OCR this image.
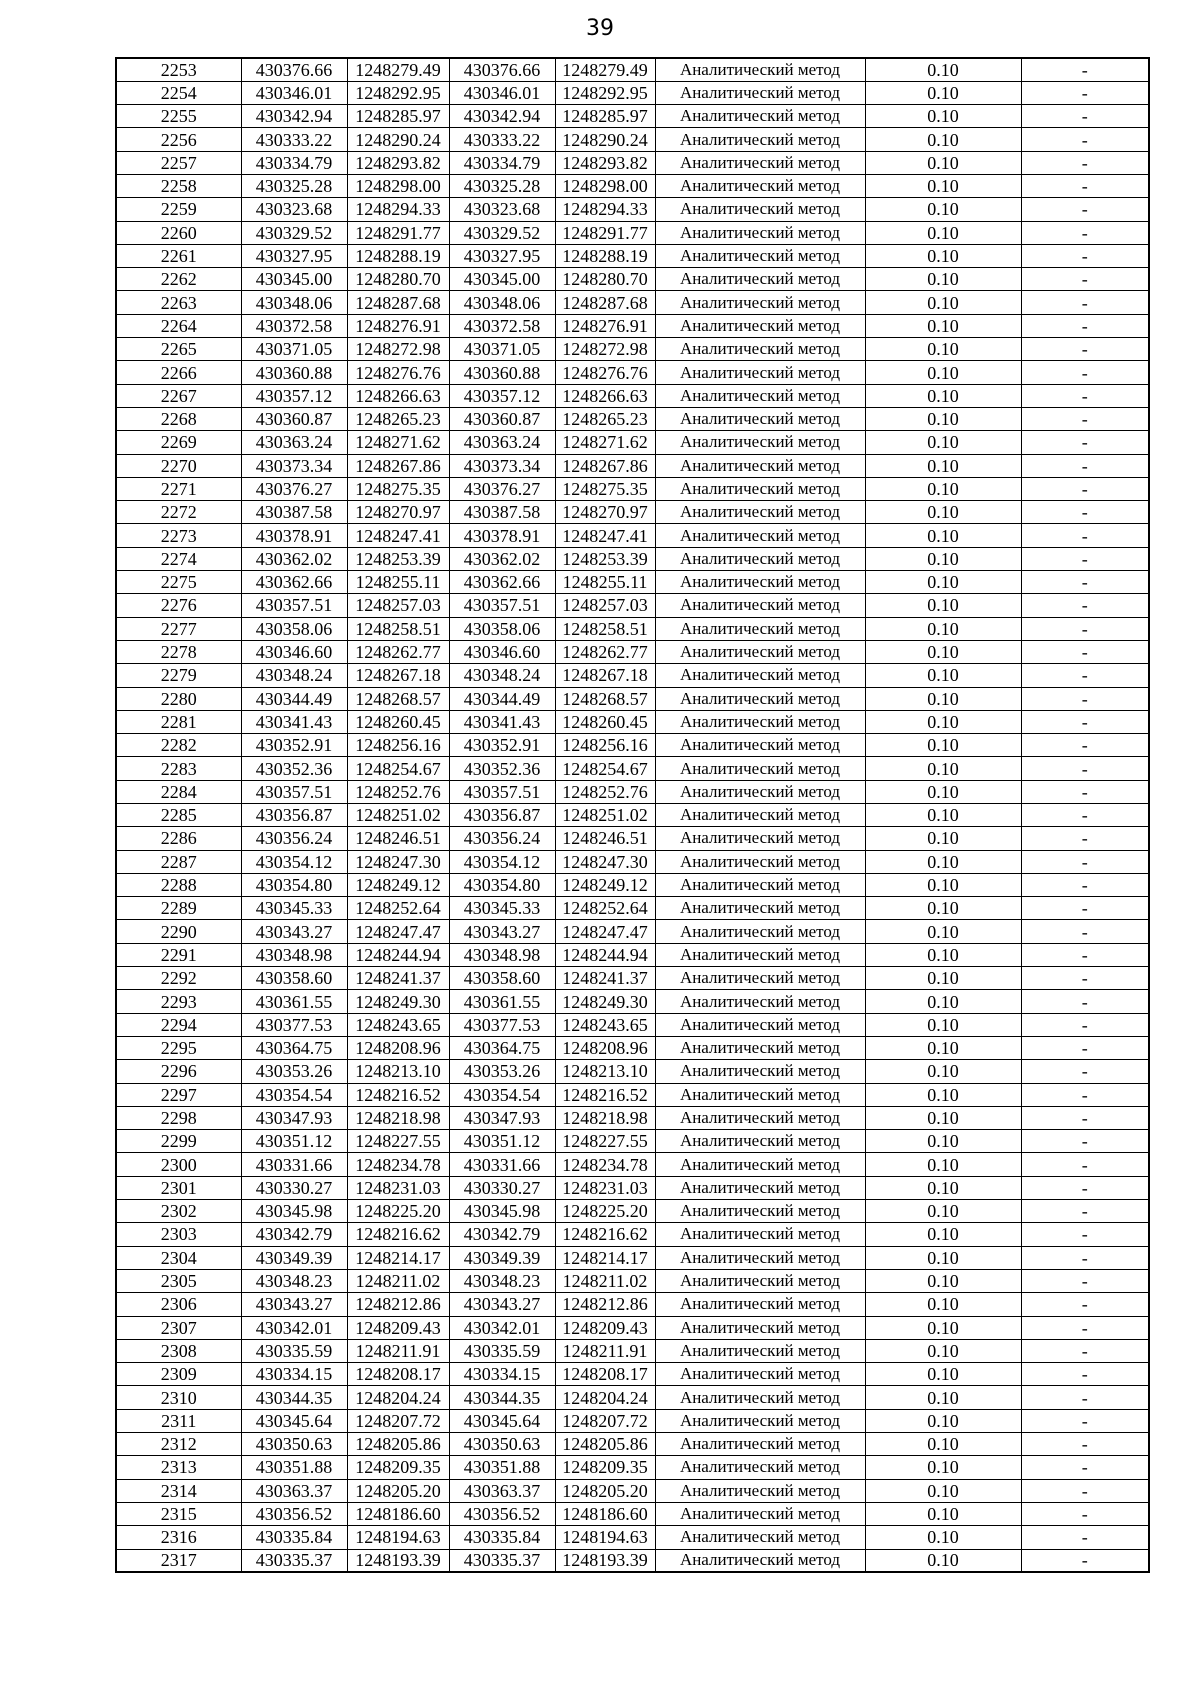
39
2253	430376.66	1248279.49	430376.66	1248279.49	Аналитический метод	0.10	-
2254	430346.01	1248292.95	430346.01	1248292.95	Аналитический метод	0.10	-
2255	430342.94	1248285.97	430342.94	1248285.97	Аналитический метод	0.10	-
2256	430333.22	1248290.24	430333.22	1248290.24	Аналитический метод	0.10	-
2257	430334.79	1248293.82	430334.79	1248293.82	Аналитический метод	0.10	-
2258	430325.28	1248298.00	430325.28	1248298.00	Аналитический метод	0.10	-
2259	430323.68	1248294.33	430323.68	1248294.33	Аналитический метод	0.10	-
2260	430329.52	1248291.77	430329.52	1248291.77	Аналитический метод	0.10	-
2261	430327.95	1248288.19	430327.95	1248288.19	Аналитический метод	0.10	-
2262	430345.00	1248280.70	430345.00	1248280.70	Аналитический метод	0.10	-
2263	430348.06	1248287.68	430348.06	1248287.68	Аналитический метод	0.10	-
2264	430372.58	1248276.91	430372.58	1248276.91	Аналитический метод	0.10	-
2265	430371.05	1248272.98	430371.05	1248272.98	Аналитический метод	0.10	-
2266	430360.88	1248276.76	430360.88	1248276.76	Аналитический метод	0.10	-
2267	430357.12	1248266.63	430357.12	1248266.63	Аналитический метод	0.10	-
2268	430360.87	1248265.23	430360.87	1248265.23	Аналитический метод	0.10	-
2269	430363.24	1248271.62	430363.24	1248271.62	Аналитический метод	0.10	-
2270	430373.34	1248267.86	430373.34	1248267.86	Аналитический метод	0.10	-
2271	430376.27	1248275.35	430376.27	1248275.35	Аналитический метод	0.10	-
2272	430387.58	1248270.97	430387.58	1248270.97	Аналитический метод	0.10	-
2273	430378.91	1248247.41	430378.91	1248247.41	Аналитический метод	0.10	-
2274	430362.02	1248253.39	430362.02	1248253.39	Аналитический метод	0.10	-
2275	430362.66	1248255.11	430362.66	1248255.11	Аналитический метод	0.10	-
2276	430357.51	1248257.03	430357.51	1248257.03	Аналитический метод	0.10	-
2277	430358.06	1248258.51	430358.06	1248258.51	Аналитический метод	0.10	-
2278	430346.60	1248262.77	430346.60	1248262.77	Аналитический метод	0.10	-
2279	430348.24	1248267.18	430348.24	1248267.18	Аналитический метод	0.10	-
2280	430344.49	1248268.57	430344.49	1248268.57	Аналитический метод	0.10	-
2281	430341.43	1248260.45	430341.43	1248260.45	Аналитический метод	0.10	-
2282	430352.91	1248256.16	430352.91	1248256.16	Аналитический метод	0.10	-
2283	430352.36	1248254.67	430352.36	1248254.67	Аналитический метод	0.10	-
2284	430357.51	1248252.76	430357.51	1248252.76	Аналитический метод	0.10	-
2285	430356.87	1248251.02	430356.87	1248251.02	Аналитический метод	0.10	-
2286	430356.24	1248246.51	430356.24	1248246.51	Аналитический метод	0.10	-
2287	430354.12	1248247.30	430354.12	1248247.30	Аналитический метод	0.10	-
2288	430354.80	1248249.12	430354.80	1248249.12	Аналитический метод	0.10	-
2289	430345.33	1248252.64	430345.33	1248252.64	Аналитический метод	0.10	-
2290	430343.27	1248247.47	430343.27	1248247.47	Аналитический метод	0.10	-
2291	430348.98	1248244.94	430348.98	1248244.94	Аналитический метод	0.10	-
2292	430358.60	1248241.37	430358.60	1248241.37	Аналитический метод	0.10	-
2293	430361.55	1248249.30	430361.55	1248249.30	Аналитический метод	0.10	-
2294	430377.53	1248243.65	430377.53	1248243.65	Аналитический метод	0.10	-
2295	430364.75	1248208.96	430364.75	1248208.96	Аналитический метод	0.10	-
2296	430353.26	1248213.10	430353.26	1248213.10	Аналитический метод	0.10	-
2297	430354.54	1248216.52	430354.54	1248216.52	Аналитический метод	0.10	-
2298	430347.93	1248218.98	430347.93	1248218.98	Аналитический метод	0.10	-
2299	430351.12	1248227.55	430351.12	1248227.55	Аналитический метод	0.10	-
2300	430331.66	1248234.78	430331.66	1248234.78	Аналитический метод	0.10	-
2301	430330.27	1248231.03	430330.27	1248231.03	Аналитический метод	0.10	-
2302	430345.98	1248225.20	430345.98	1248225.20	Аналитический метод	0.10	-
2303	430342.79	1248216.62	430342.79	1248216.62	Аналитический метод	0.10	-
2304	430349.39	1248214.17	430349.39	1248214.17	Аналитический метод	0.10	-
2305	430348.23	1248211.02	430348.23	1248211.02	Аналитический метод	0.10	-
2306	430343.27	1248212.86	430343.27	1248212.86	Аналитический метод	0.10	-
2307	430342.01	1248209.43	430342.01	1248209.43	Аналитический метод	0.10	-
2308	430335.59	1248211.91	430335.59	1248211.91	Аналитический метод	0.10	-
2309	430334.15	1248208.17	430334.15	1248208.17	Аналитический метод	0.10	-
2310	430344.35	1248204.24	430344.35	1248204.24	Аналитический метод	0.10	-
2311	430345.64	1248207.72	430345.64	1248207.72	Аналитический метод	0.10	-
2312	430350.63	1248205.86	430350.63	1248205.86	Аналитический метод	0.10	-
2313	430351.88	1248209.35	430351.88	1248209.35	Аналитический метод	0.10	-
2314	430363.37	1248205.20	430363.37	1248205.20	Аналитический метод	0.10	-
2315	430356.52	1248186.60	430356.52	1248186.60	Аналитический метод	0.10	-
2316	430335.84	1248194.63	430335.84	1248194.63	Аналитический метод	0.10	-
2317	430335.37	1248193.39	430335.37	1248193.39	Аналитический метод	0.10	-
